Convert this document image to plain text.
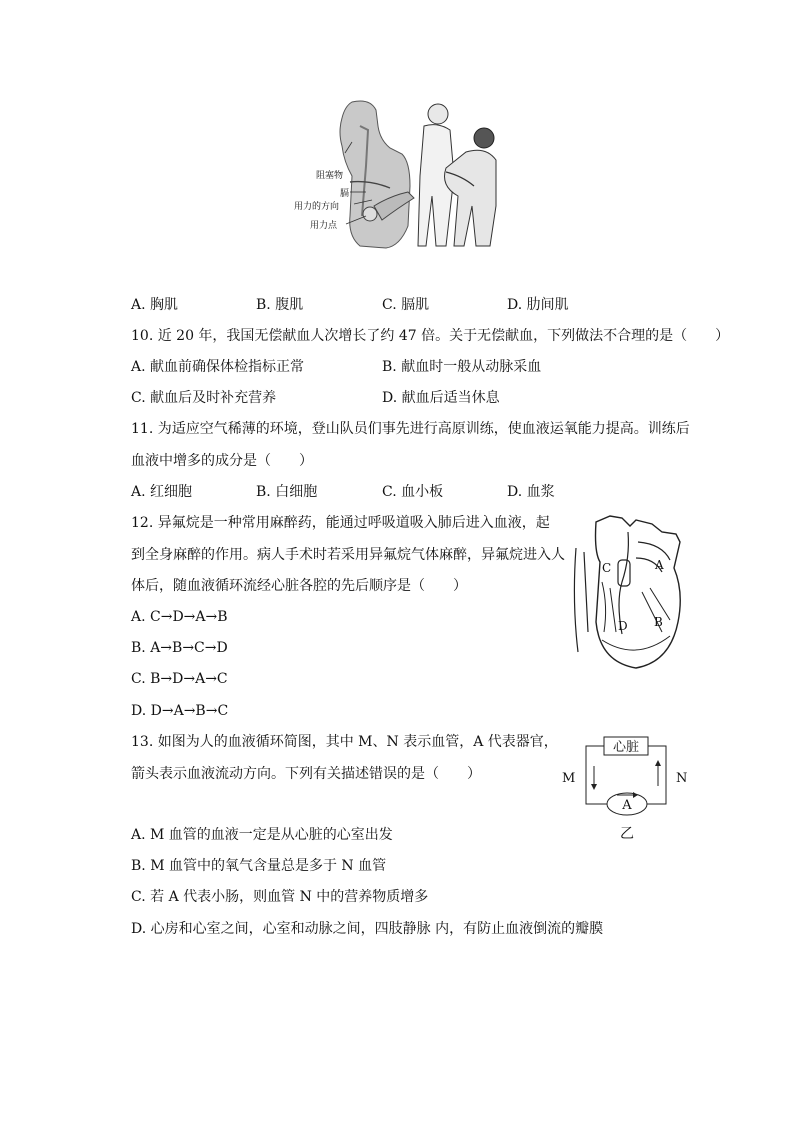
阻塞物
膈
用力的方向
用力点
A. 胸肌	B. 腹肌	C. 膈肌	D. 肋间肌
10. 近 20 年，我国无偿献血人次增长了约 47 倍。关于无偿献血，下列做法不合理的是（　　）
A. 献血前确保体检指标正常	B. 献血时一般从动脉采血
C. 献血后及时补充营养	D. 献血后适当休息
11. 为适应空气稀薄的环境，登山队员们事先进行高原训练，使血液运氧能力提高。训练后
血液中增多的成分是（　　）
A. 红细胞	B. 白细胞	C. 血小板	D. 血浆
12. 异氟烷是一种常用麻醉药，能通过呼吸道吸入肺后进入血液，起
到全身麻醉的作用。病人手术时若采用异氟烷气体麻醉，异氟烷进入人
体后，随血液循环流经心脏各腔的先后顺序是（　　）
A. C→D→A→B
B. A→B→C→D
C. B→D→A→C
D. D→A→B→C
C	A
D B
13. 如图为人的血液循环简图，其中 M、N 表示血管，A 代表器官，
箭头表示血液流动方向。下列有关描述错误的是（　　）
心脏
A
M	N
乙
A. M 血管的血液一定是从心脏的心室出发
B. M 血管中的氧气含量总是多于 N 血管
C. 若 A 代表小肠，则血管 N 中的营养物质增多
D. 心房和心室之间，心室和动脉之间，四肢静脉 内，有防止血液倒流的瓣膜
